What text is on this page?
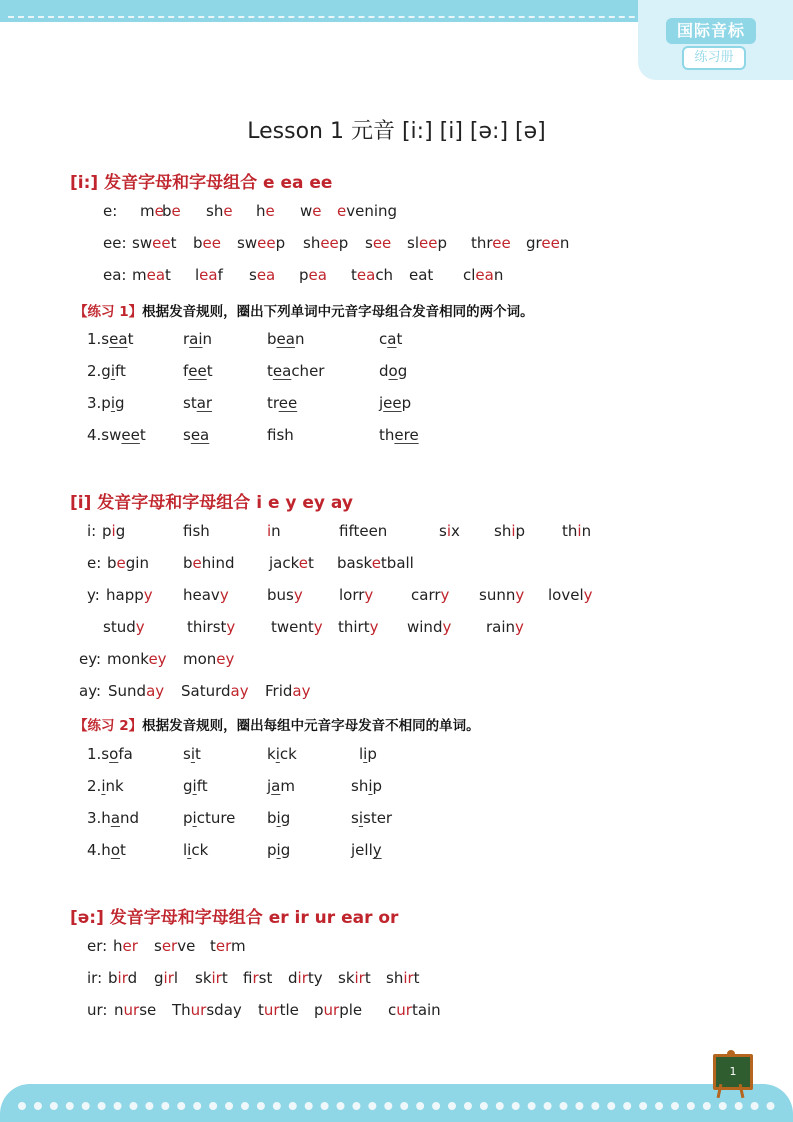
国际音标
练习册
Lesson 1 元音 [i:] [i] [ə:] [ə]
[i:] 发音字母和字母组合 e ea ee
e: me
be she he we evening
ee: sweet bee sweep sheep see sleep three green
ea: meat leaf sea pea teach eat clean
【练习 1】根据发音规则，圈出下列单词中元音字母组合发音相同的两个词。
1.seat	rain	bean	cat
2.gift	feet	teacher	dog
3.pig	star	tree	jeep
4.sweet sea	fsh	there
[i] 发音字母和字母组合 i e y ey ay
i: pig	fsh	in	ffteen	six ship thin
e: begin behind jacket basketball
y: happy heavy	busy lorry	carry sunny lovely
study	thirsty twenty thirty windy rainy
ey: monkey money
ay: Sunday Saturday Friday
【练习 2】根据发音规则，圈出每组中元音字母发音不相同的单词。
1.sofa	sit	kick	lip
2.ink	gift	jam	ship
3.hand	picture big	sister
4.hot	lick	pig	jelly
[ə:] 发音字母和字母组合 er ir ur ear or
er: her serve term
ir: bird girl skirt first dirty skirt shirt
ur: nurse Thursday turtle purple curtain
1
